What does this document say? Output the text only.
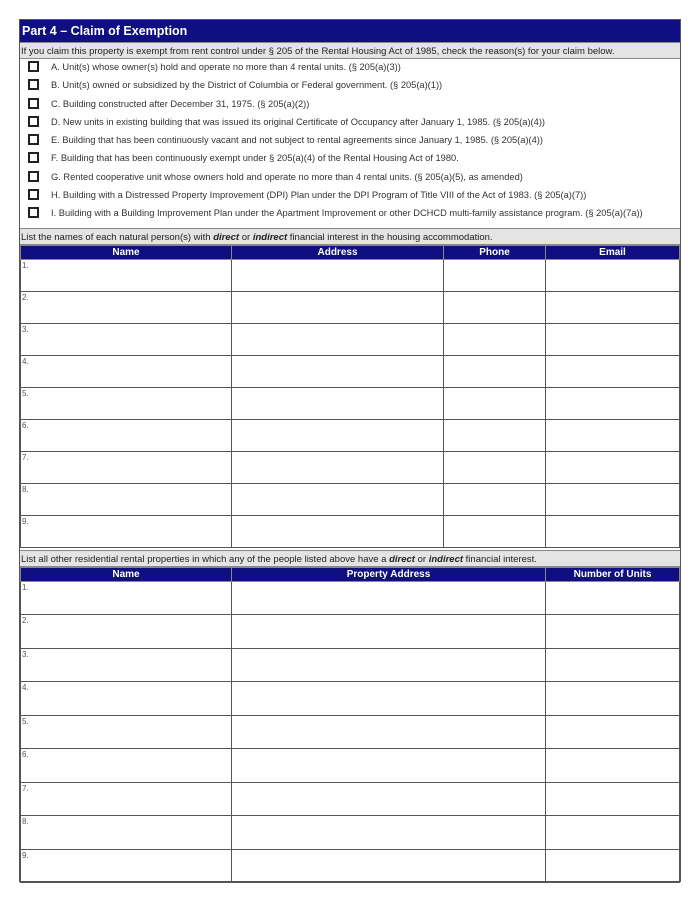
Part 4 – Claim of Exemption
If you claim this property is exempt from rent control under § 205 of the Rental Housing Act of 1985, check the reason(s) for your claim below.
A. Unit(s) whose owner(s) hold and operate no more than 4 rental units. (§ 205(a)(3))
B. Unit(s) owned or subsidized by the District of Columbia or Federal government. (§ 205(a)(1))
C. Building constructed after December 31, 1975. (§ 205(a)(2))
D. New units in existing building that was issued its original Certificate of Occupancy after January 1, 1985. (§ 205(a)(4))
E. Building that has been continuously vacant and not subject to rental agreements since January 1, 1985. (§ 205(a)(4))
F. Building that has been continuously exempt under § 205(a)(4) of the Rental Housing Act of 1980.
G. Rented cooperative unit whose owners hold and operate no more than 4 rental units. (§ 205(a)(5), as amended)
H. Building with a Distressed Property Improvement (DPI) Plan under the DPI Program of Title VIII of the Act of 1983. (§ 205(a)(7))
I. Building with a Building Improvement Plan under the Apartment Improvement or other DCHCD multi-family assistance program. (§ 205(a)(7a))
List the names of each natural person(s) with direct or indirect financial interest in the housing accommodation.
Name	Address	Phone	Email
1.			
2.			
3.			
4.			
5.			
6.			
7.			
8.			
9.			
List all other residential rental properties in which any of the people listed above have a direct or indirect financial interest.
Name	Property Address	Number of Units
1.		
2.		
3.		
4.		
5.		
6.		
7.		
8.		
9.		
